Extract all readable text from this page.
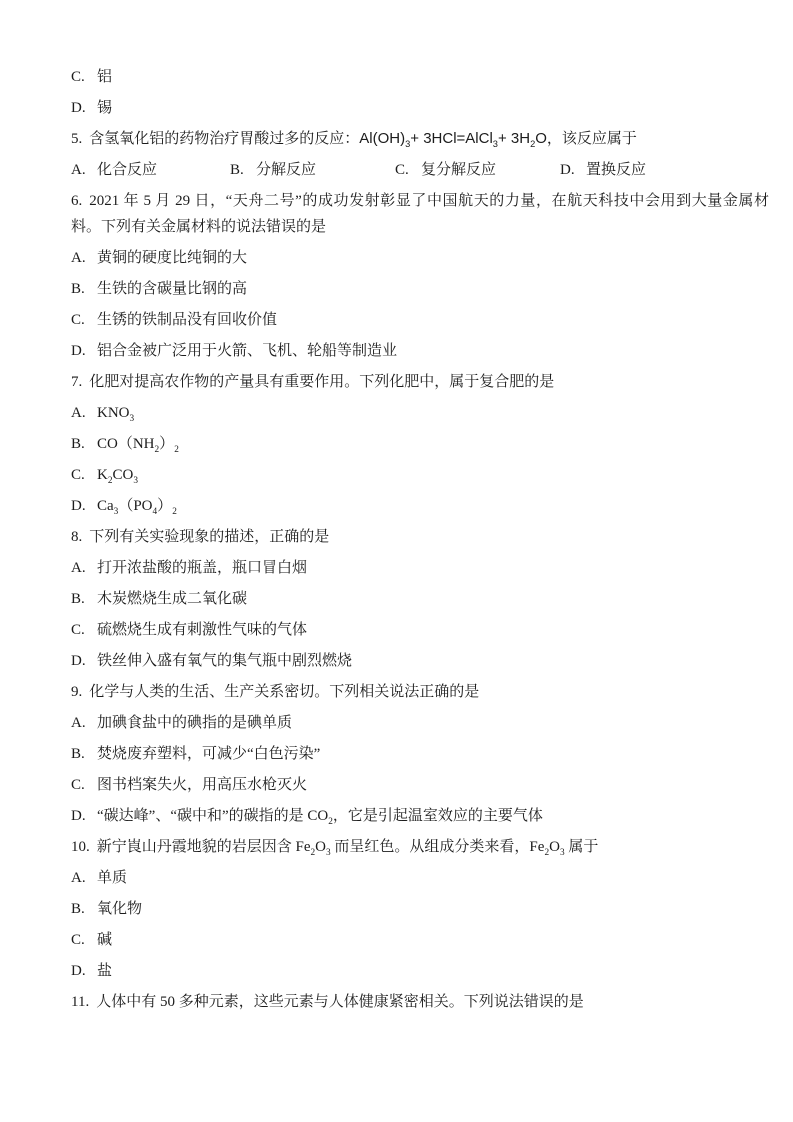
C. 铝

D. 锡

5. 含氢氧化铝的药物治疗胃酸过多的反应：$Al(OH)_3+$ 3HCl=AlCl$_3$+ $3H_2O$，该反应属于

A. 化合反应	B. 分解反应	C. 复分解反应	D. 置换反应

6. 2021 年 5 月 29 日，“天舟二号”的成功发射彰显了中国航天的力量，在航天科技中会用到大量金属材料。下列有关金属材料的说法错误的是

A. 黄铜的硬度比纯铜的大

B. 生铁的含碳量比钢的高

C. 生锈的铁制品没有回收价值

D. 铝合金被广泛用于火箭、飞机、轮船等制造业

7. 化肥对提高农作物的产量具有重要作用。下列化肥中，属于复合肥的是

A. $KNO_3$

B. $CO(NH_2)_2$

C. $K_2CO_3$

D. $Ca_3(PO_4)_2$

8. 下列有关实验现象的描述，正确的是

A. 打开浓盐酸的瓶盖，瓶口冒白烟

B. 木炭燃烧生成二氧化碳

C. 硫燃烧生成有刺激性气味的气体

D. 铁丝伸入盛有氧气的集气瓶中剧烈燃烧

9. 化学与人类的生活、生产关系密切。下列相关说法正确的是

A. 加碘食盐中的碘指的是碘单质

B. 焚烧废弃塑料，可减少“白色污染”

C. 图书档案失火，用高压水枪灭火

D. “碳达峰”、“碳中和”的碳指的是 $CO_2$，它是引起温室效应的主要气体

10. 新宁崀山丹霞地貌的岩层因含 $Fe_2O_3$ 而呈红色。从组成分类来看，$Fe_2O_3$ 属于

A. 单质

B. 氧化物

C. 碱

D. 盐

11. 人体中有 50 多种元素，这些元素与人体健康紧密相关。下列说法错误的是
